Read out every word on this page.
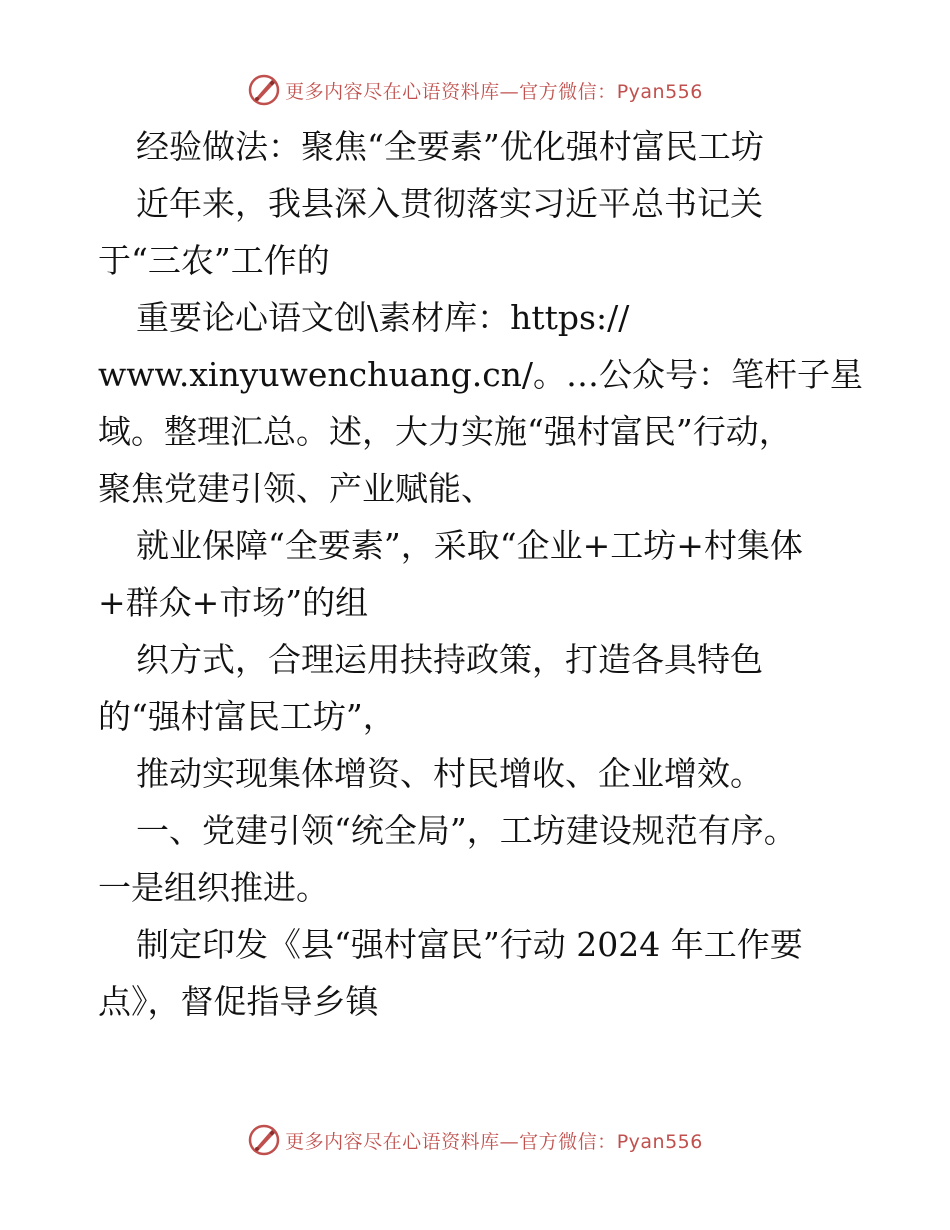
更多内容尽在心语资料库—官方微信：Pyan556
经验做法：聚焦“全要素”优化强村富民工坊
近年来，我县深入贯彻落实习近平总书记关
于“三农”工作的
重要论心语文创\素材库：https://
www.xinyuwenchuang.cn/。…公众号：笔杆子星
域。整理汇总。述，大力实施“强村富民”行动，
聚焦党建引领、产业赋能、
就业保障“全要素”，采取“企业+工坊+村集体
+群众+市场”的组
织方式，合理运用扶持政策，打造各具特色
的“强村富民工坊”，
推动实现集体增资、村民增收、企业增效。
一、党建引领“统全局”，工坊建设规范有序。
一是组织推进。
制定印发《县“强村富民”行动 2024 年工作要
点》，督促指导乡镇
更多内容尽在心语资料库—官方微信：Pyan556
